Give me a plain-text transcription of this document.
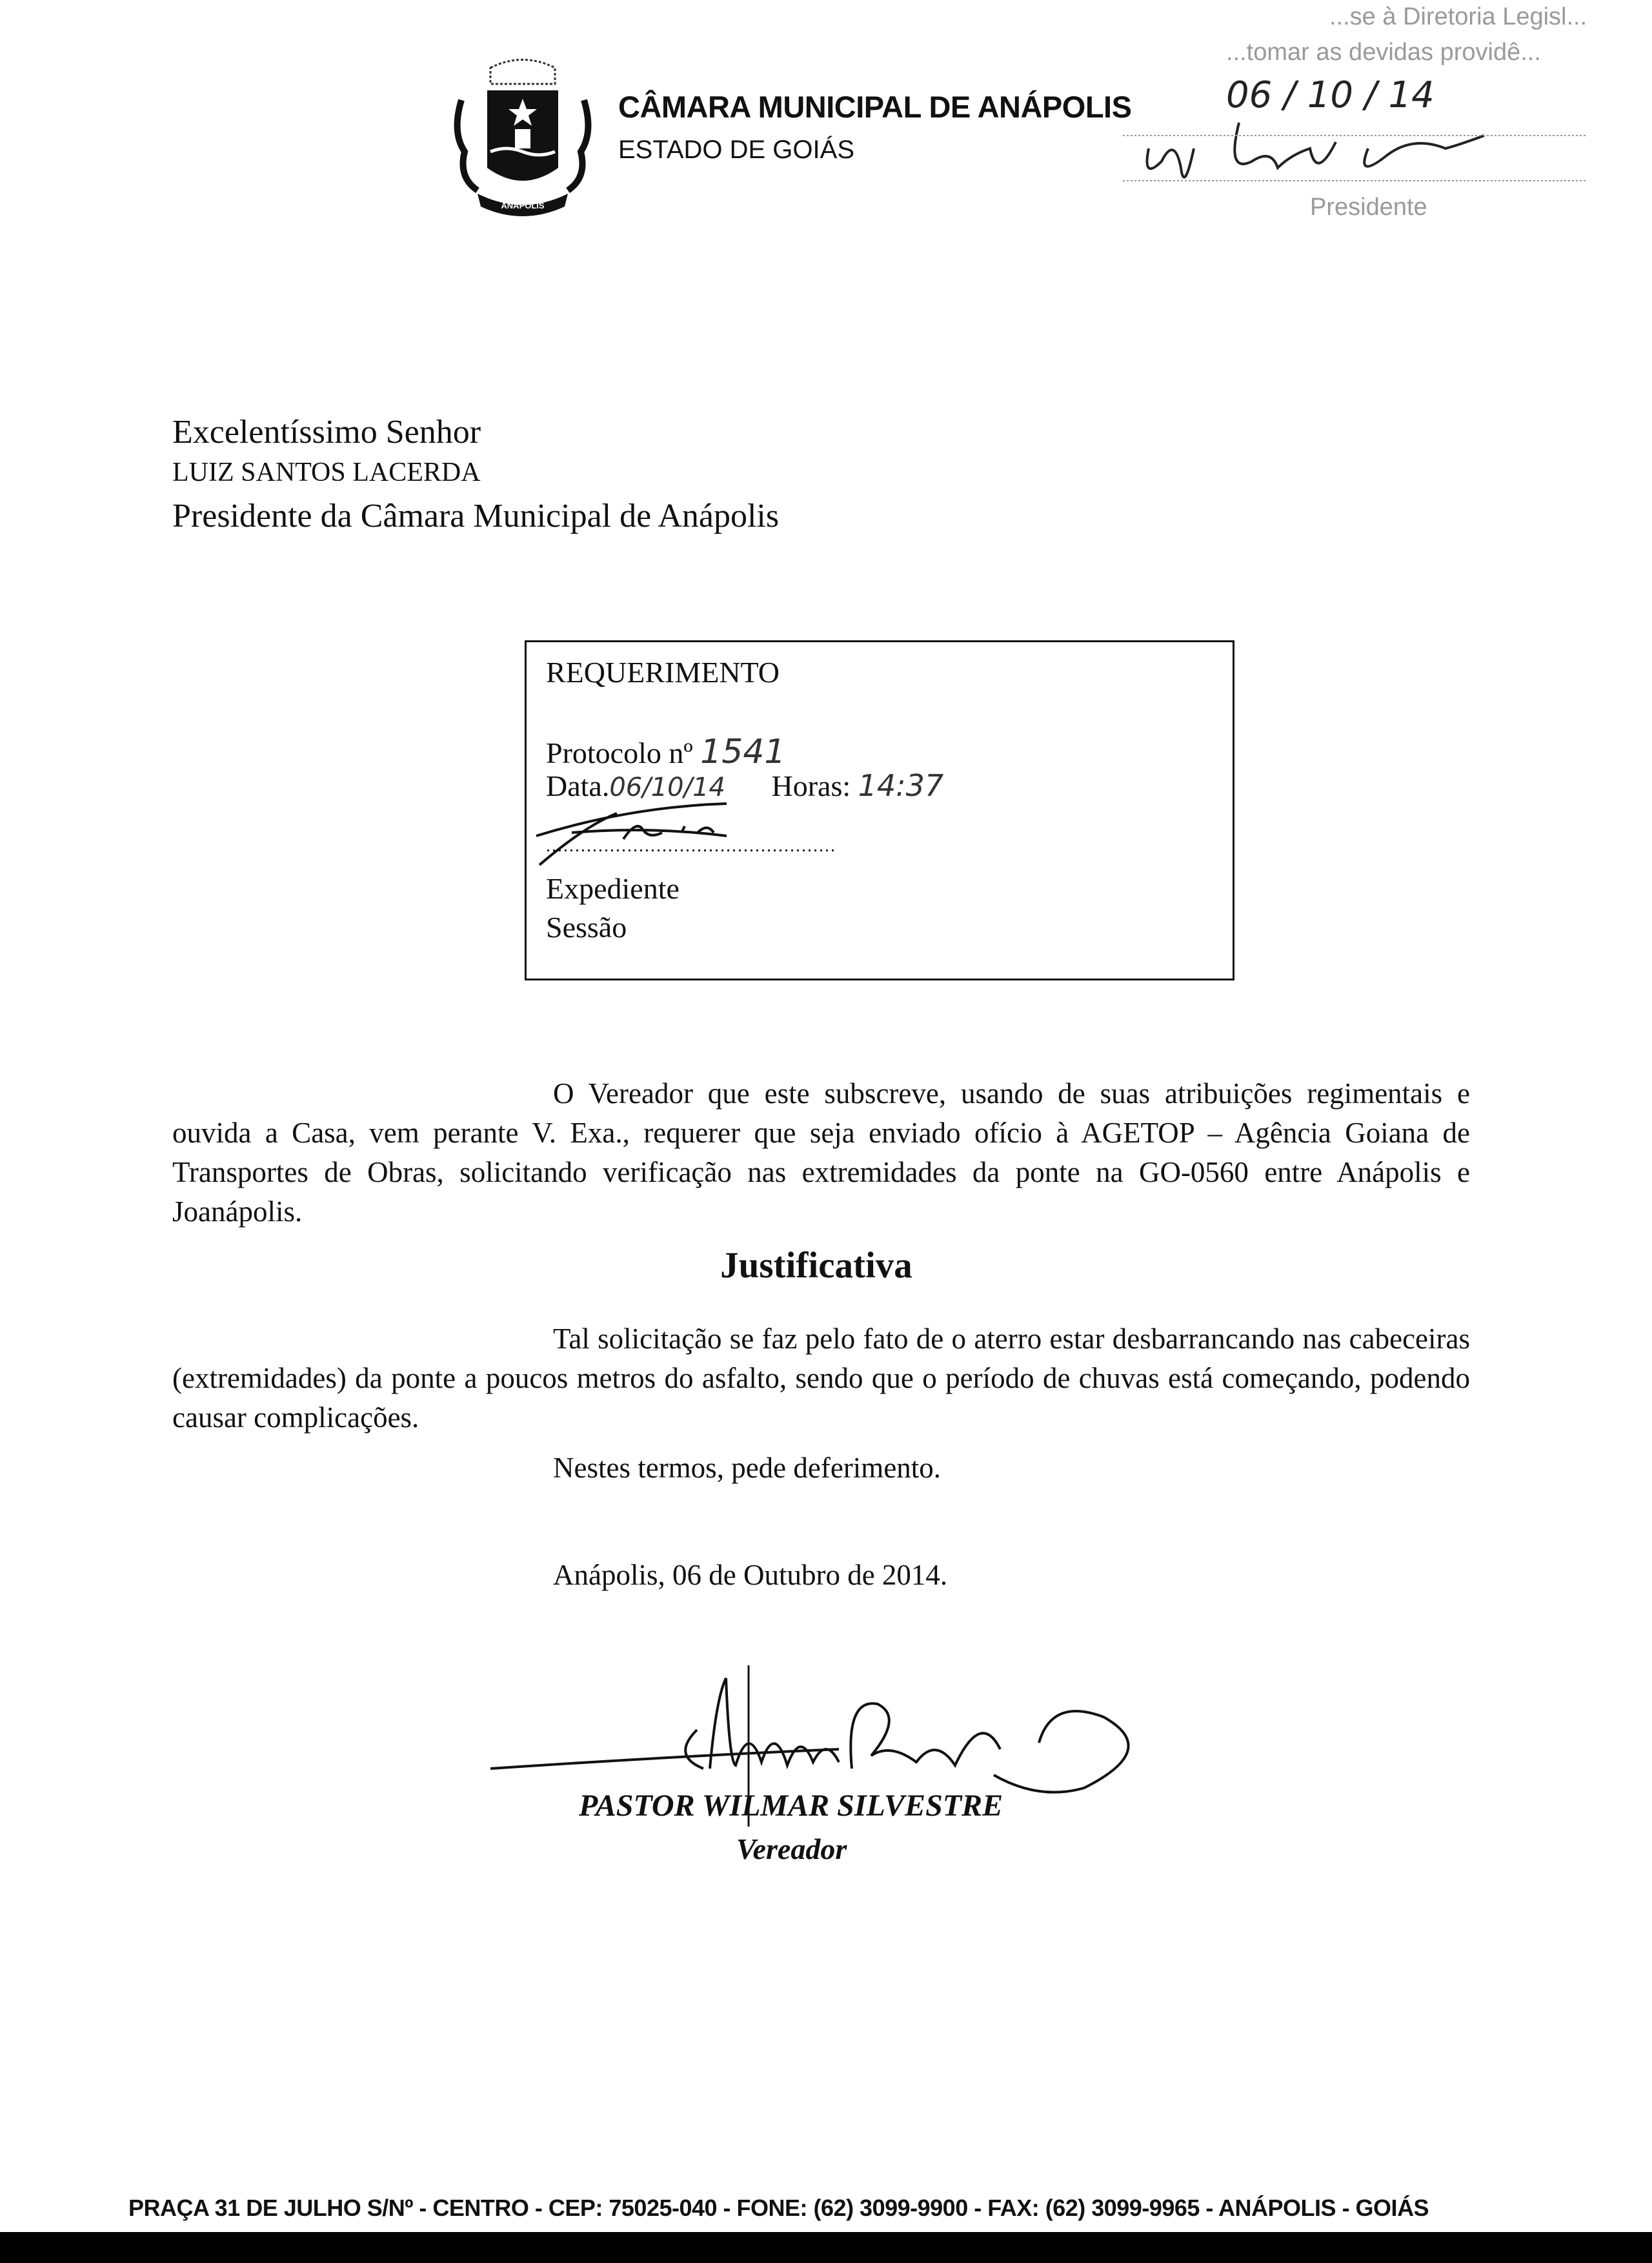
ANÁPOLIS
CÂMARA MUNICIPAL DE ANÁPOLIS
ESTADO DE GOIÁS
...se à Diretoria Legisl...
...tomar as devidas providê...
06 / 10 / 14
Presidente
Excelentíssimo Senhor
LUIZ SANTOS LACERDA
Presidente da Câmara Municipal de Anápolis
REQUERIMENTO
Protocolo nº 1541
Data.06/10/14 Horas: 14:37
..................................................
Expediente
Sessão
O Vereador que este subscreve, usando de suas atribuições regimentais e ouvida a Casa, vem perante V. Exa., requerer que seja enviado ofício à AGETOP – Agência Goiana de Transportes de Obras, solicitando verificação nas extremidades da ponte na GO-0560 entre Anápolis e Joanápolis.
Justificativa
Tal solicitação se faz pelo fato de o aterro estar desbarrancando nas cabeceiras (extremidades) da ponte a poucos metros do asfalto, sendo que o período de chuvas está começando, podendo causar complicações.
Nestes termos, pede deferimento.
Anápolis, 06 de Outubro de 2014.
PASTOR WILMAR SILVESTRE
Vereador
PRAÇA 31 DE JULHO S/Nº - CENTRO - CEP: 75025-040 - FONE: (62) 3099-9900 - FAX: (62) 3099-9965 - ANÁPOLIS - GOIÁS
